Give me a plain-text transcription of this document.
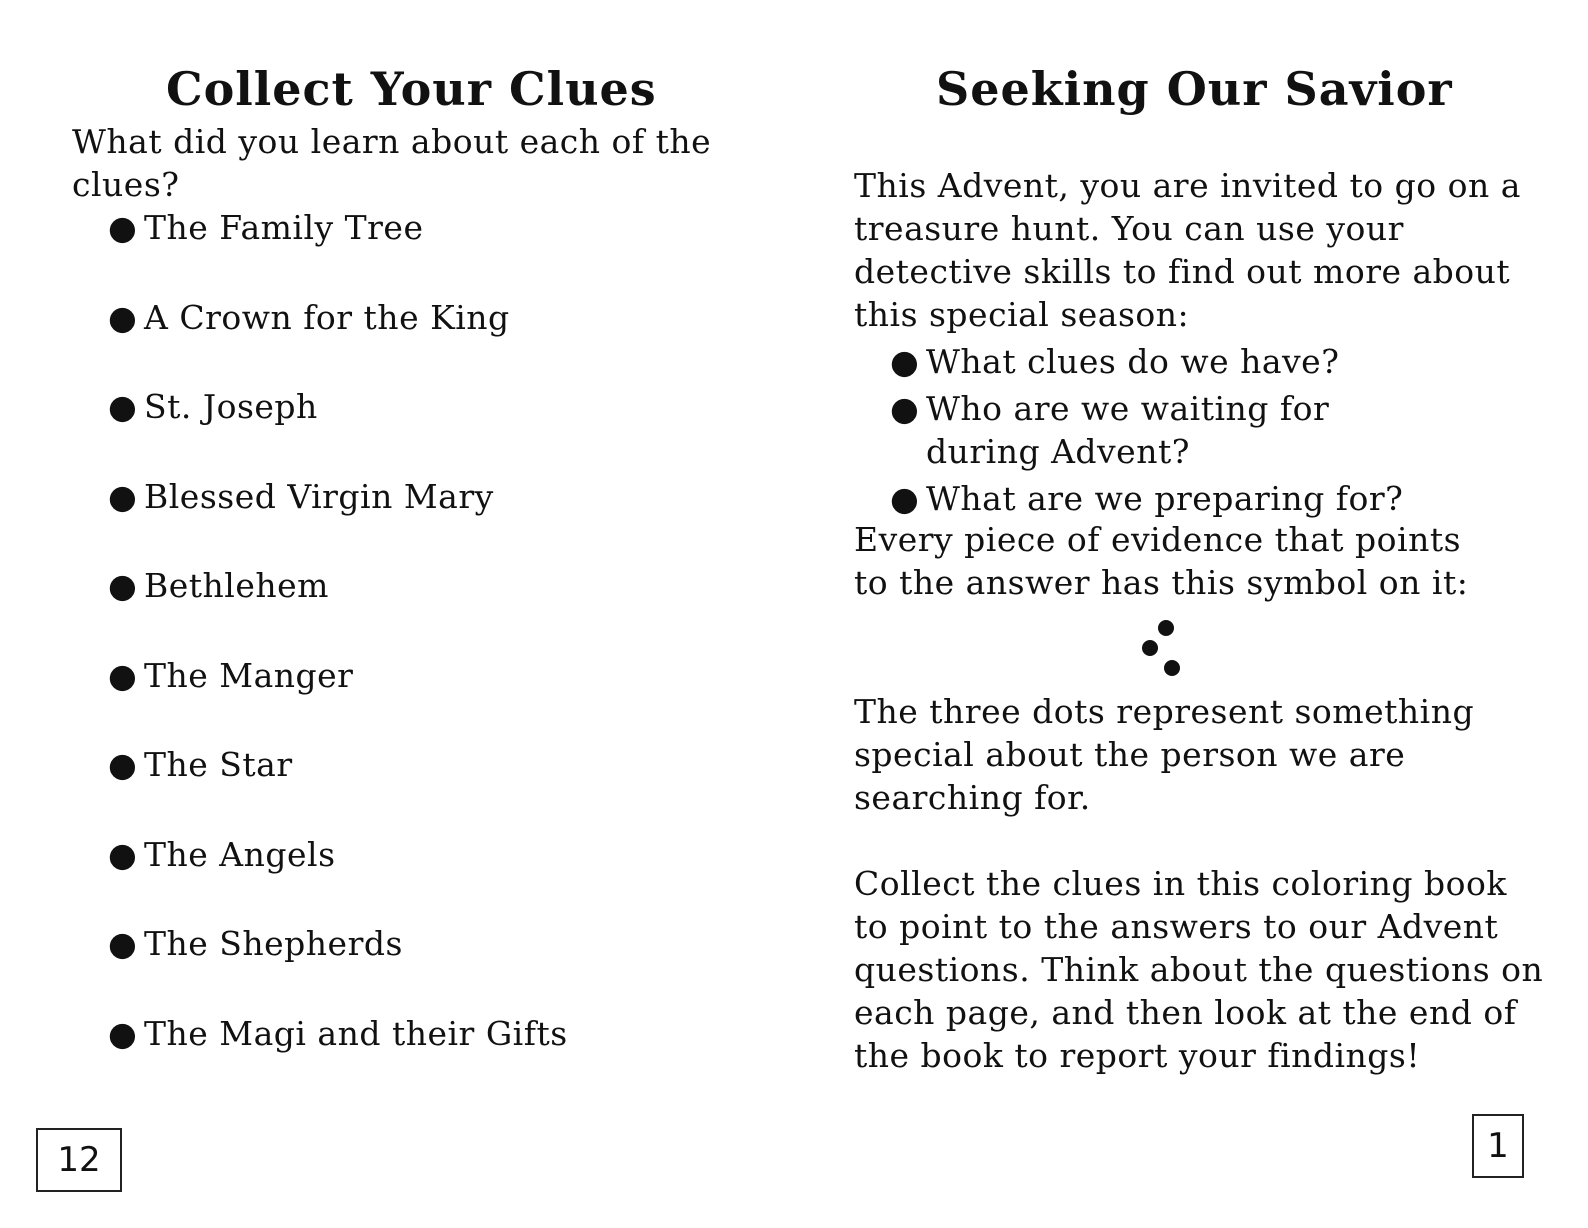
Collect Your Clues

What did you learn about each of the clues?

● The Family Tree
● A Crown for the King
● St. Joseph
● Blessed Virgin Mary
● Bethlehem
● The Manger
● The Star
● The Angels
● The Shepherds
● The Magi and their Gifts
12
Seeking Our Savior

This Advent, you are invited to go on a treasure hunt. You can use your detective skills to find out more about this special season:

● What clues do we have?
● Who are we waiting for during Advent?
● What are we preparing for?

Every piece of evidence that points to the answer has this symbol on it:

The three dots represent something special about the person we are searching for.

Collect the clues in this coloring book to point to the answers to our Advent questions. Think about the questions on each page, and then look at the end of the book to report your findings!

1
